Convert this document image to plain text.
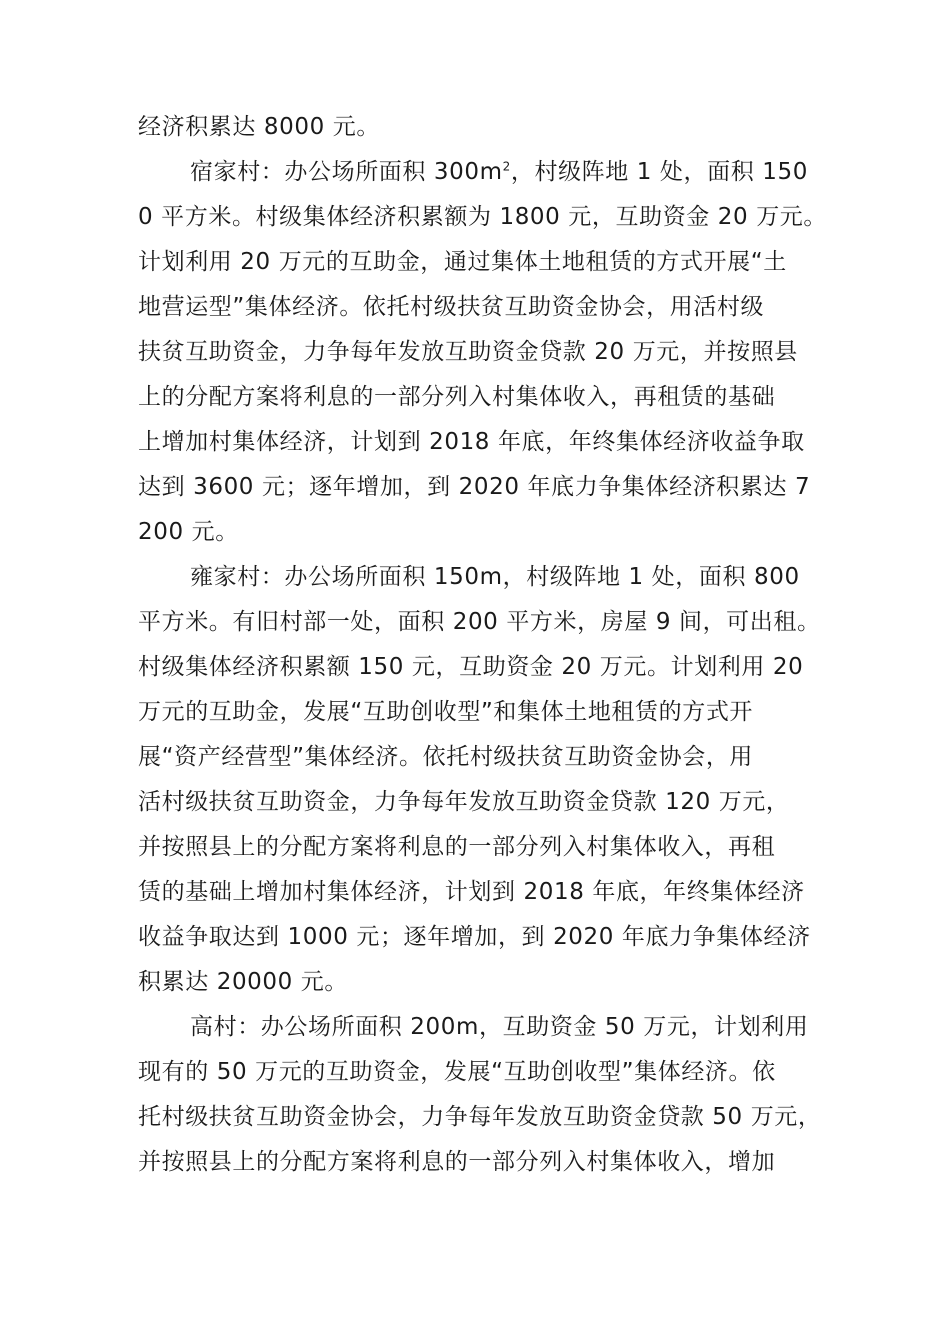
经济积累达 8000 元。

宿家村：办公场所面积 $300m^2$，村级阵地 1 处，面积 150

0 平方米。村级集体经济积累额为 1800 元，互助资金 20 万元。

计划利用 20 万元的互助金，通过集体土地租赁的方式开展“土

地营运型”集体经济。依托村级扶贫互助资金协会，用活村级

扶贫互助资金，力争每年发放互助资金贷款 20 万元，并按照县

上的分配方案将利息的一部分列入村集体收入，再租赁的基础

上增加村集体经济，计划到 2018 年底，年终集体经济收益争取

达到 3600 元；逐年增加，到 2020 年底力争集体经济积累达 7

200 元。

雍家村：办公场所面积 150m，村级阵地 1 处，面积 800

平方米。有旧村部一处，面积 200 平方米，房屋 9 间，可出租。

村级集体经济积累额 150 元，互助资金 20 万元。计划利用 20

万元的互助金，发展“互助创收型”和集体土地租赁的方式开

展“资产经营型”集体经济。依托村级扶贫互助资金协会，用

活村级扶贫互助资金，力争每年发放互助资金贷款 120 万元，

并按照县上的分配方案将利息的一部分列入村集体收入，再租

赁的基础上增加村集体经济，计划到 2018 年底，年终集体经济

收益争取达到 1000 元；逐年增加，到 2020 年底力争集体经济

积累达 20000 元。

高村：办公场所面积 200m，互助资金 50 万元，计划利用

现有的 50 万元的互助资金，发展“互助创收型”集体经济。依

托村级扶贫互助资金协会，力争每年发放互助资金贷款 50 万元，

并按照县上的分配方案将利息的一部分列入村集体收入，增加
